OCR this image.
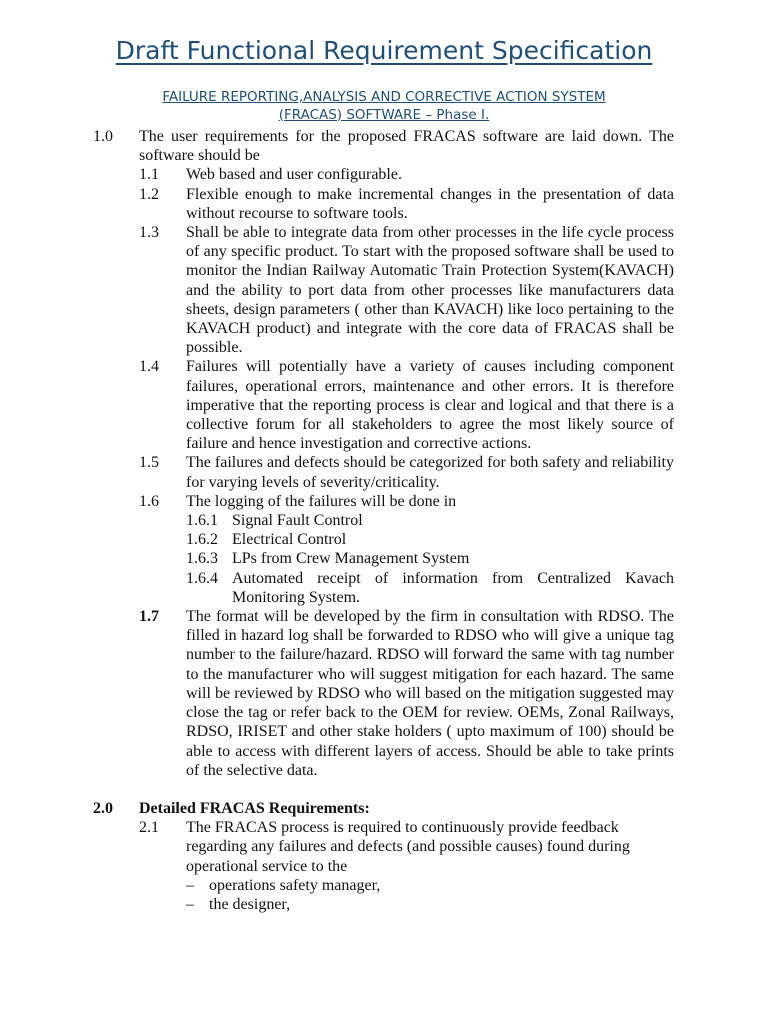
Draft Functional Requirement Specification
FAILURE REPORTING,ANALYSIS AND CORRECTIVE ACTION SYSTEM
(FRACAS) SOFTWARE – Phase I.
1.0 The user requirements for the proposed FRACAS software are laid down. The software should be
1.1 Web based and user configurable.
1.2 Flexible enough to make incremental changes in the presentation of data without recourse to software tools.
1.3 Shall be able to integrate data from other processes in the life cycle process of any specific product. To start with the proposed software shall be used to monitor the Indian Railway Automatic Train Protection System(KAVACH) and the ability to port data from other processes like manufacturers data sheets, design parameters ( other than KAVACH) like loco pertaining to the KAVACH product) and integrate with the core data of FRACAS shall be possible.
1.4 Failures will potentially have a variety of causes including component failures, operational errors, maintenance and other errors. It is therefore imperative that the reporting process is clear and logical and that there is a collective forum for all stakeholders to agree the most likely source of failure and hence investigation and corrective actions.
1.5 The failures and defects should be categorized for both safety and reliability for varying levels of severity/criticality.
1.6 The logging of the failures will be done in
1.6.1 Signal Fault Control
1.6.2 Electrical Control
1.6.3 LPs from Crew Management System
1.6.4 Automated receipt of information from Centralized Kavach Monitoring System.
1.7 The format will be developed by the firm in consultation with RDSO. The filled in hazard log shall be forwarded to RDSO who will give a unique tag number to the failure/hazard. RDSO will forward the same with tag number to the manufacturer who will suggest mitigation for each hazard. The same will be reviewed by RDSO who will based on the mitigation suggested may close the tag or refer back to the OEM for review. OEMs, Zonal Railways, RDSO, IRISET and other stake holders ( upto maximum of 100) should be able to access with different layers of access. Should be able to take prints of the selective data.
2.0 Detailed FRACAS Requirements:
2.1 The FRACAS process is required to continuously provide feedback regarding any failures and defects (and possible causes) found during operational service to the
– operations safety manager,
– the designer,
